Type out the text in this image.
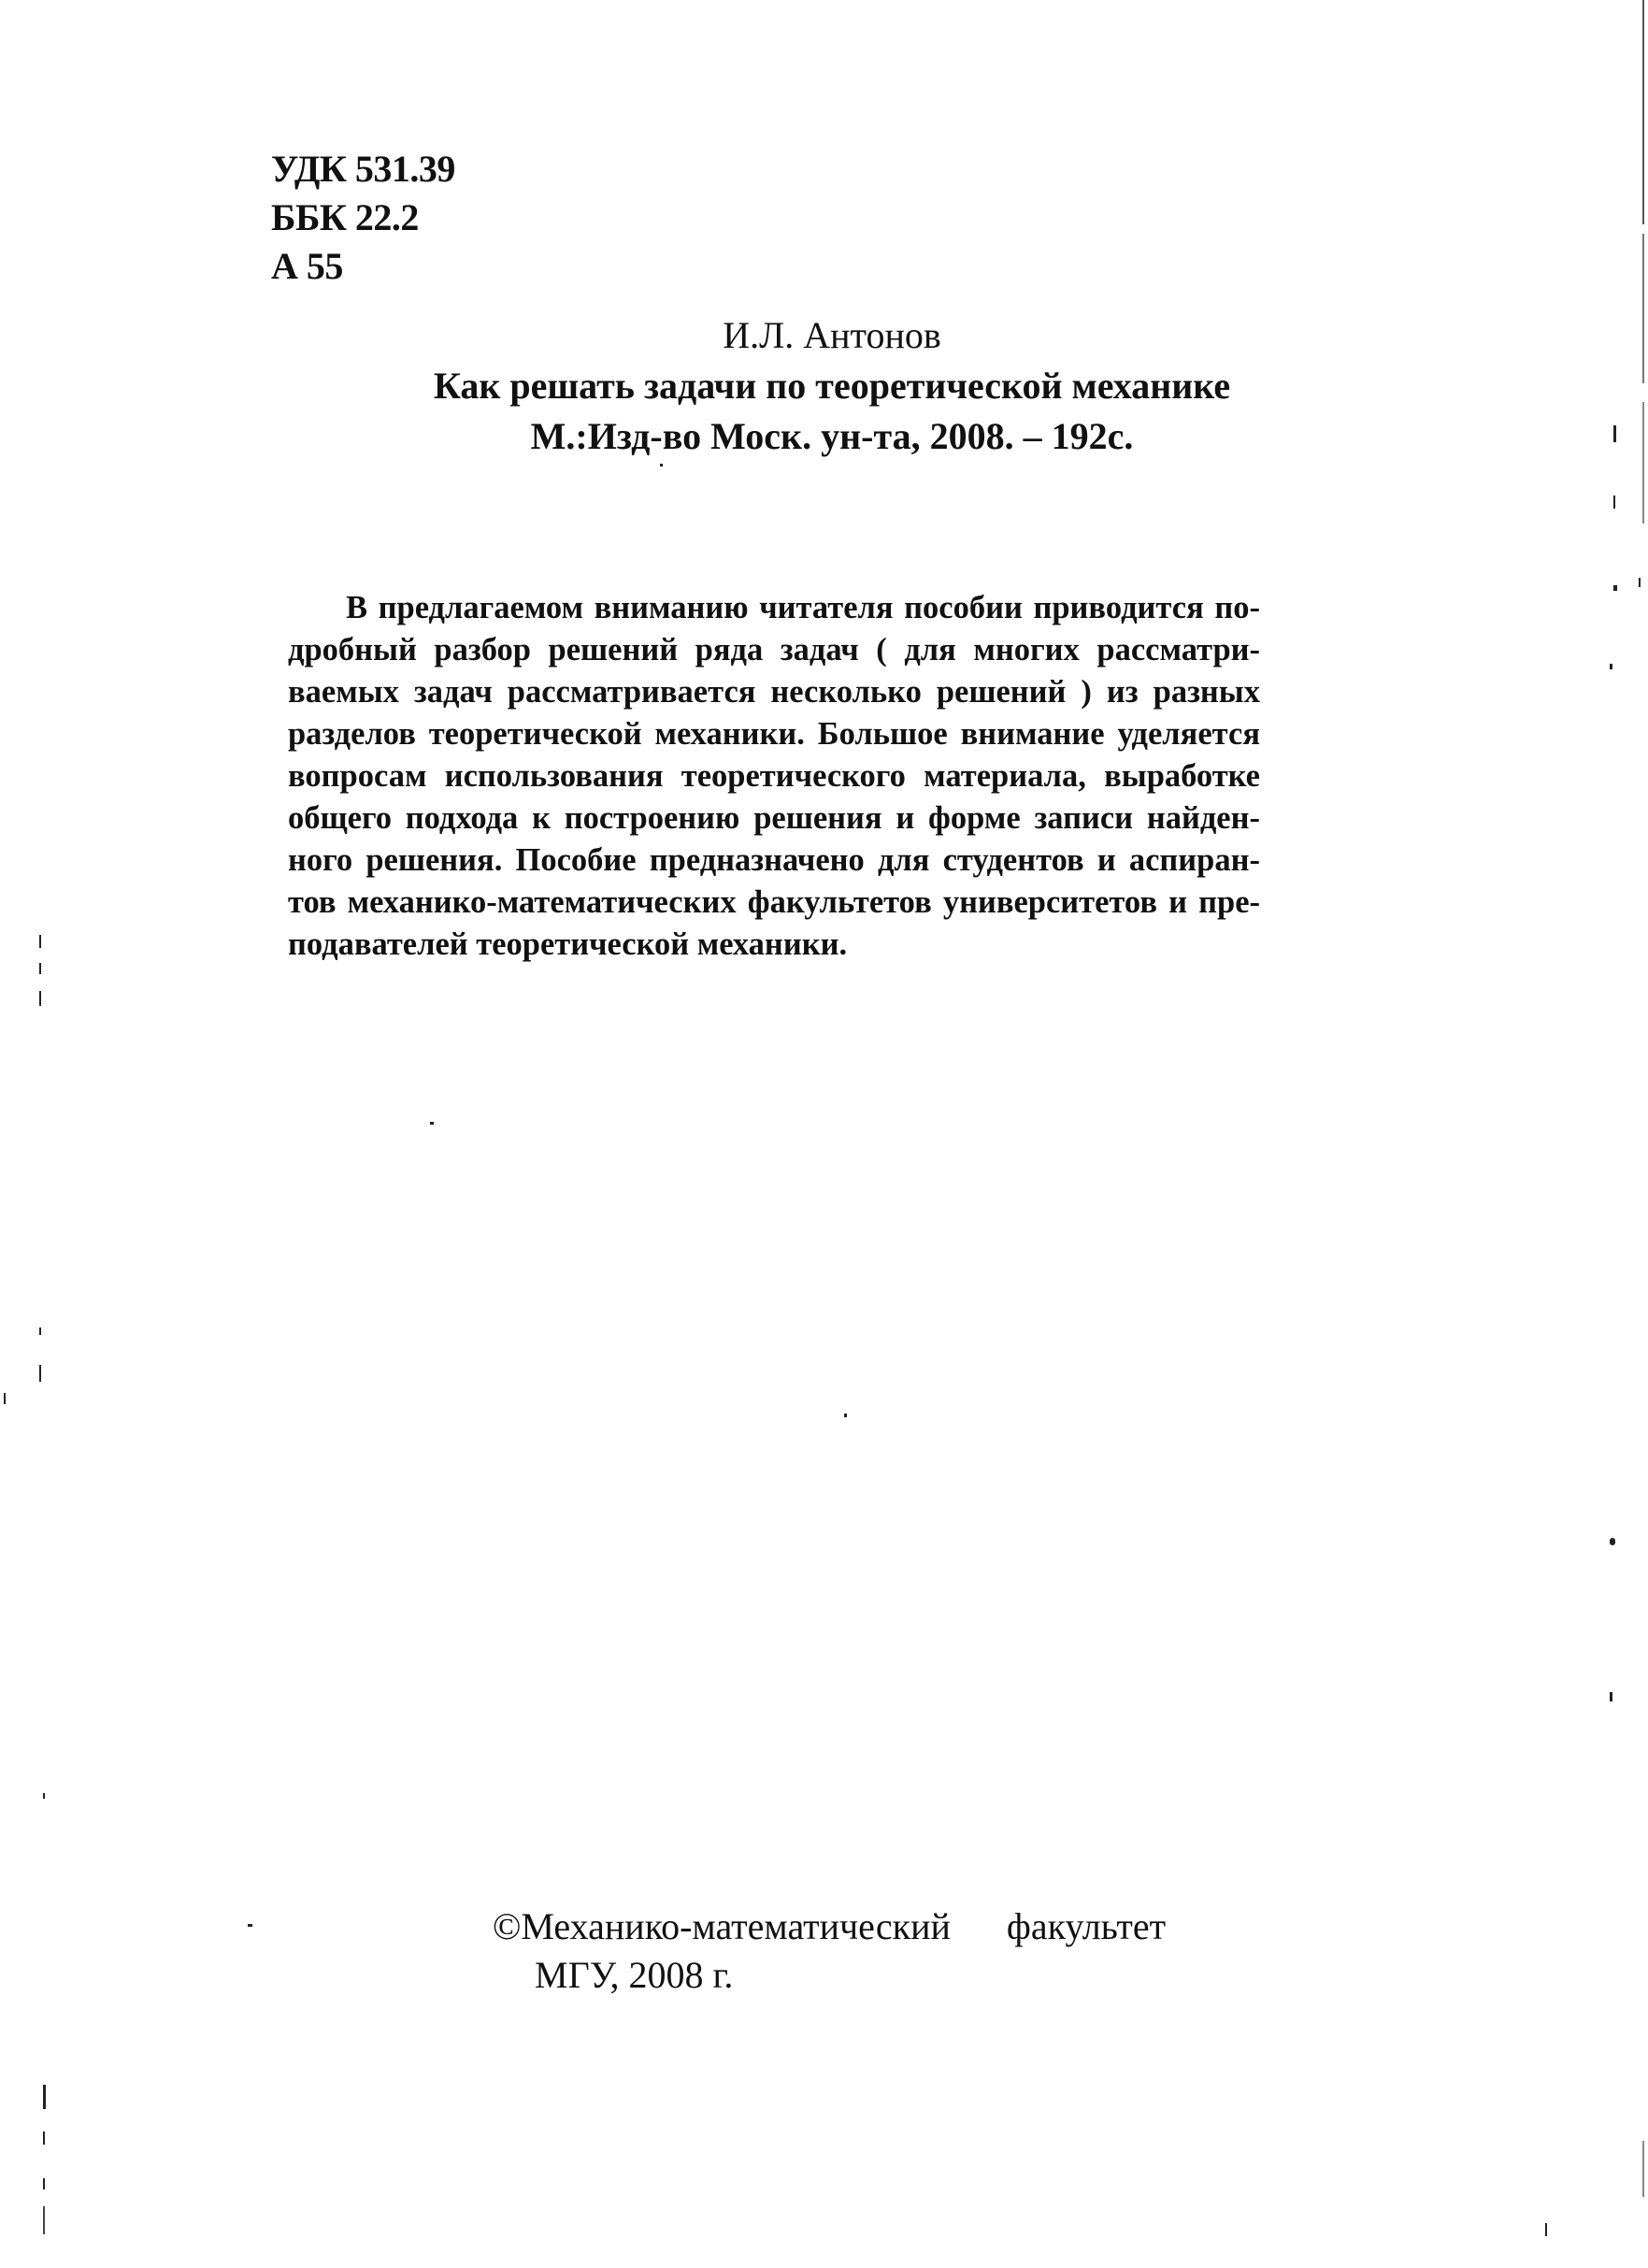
УДК 531.39
ББК 22.2
А 55
И.Л. Антонов
Как решать задачи по теоретической механике
М.:Изд-во Моск. ун-та, 2008. – 192с.
В предлагаемом вниманию читателя пособии приводится по-
дробный разбор решений ряда задач ( для многих рассматри-
ваемых задач рассматривается несколько решений ) из разных
разделов теоретической механики. Большое внимание уделяется
вопросам использования теоретического материала, выработке
общего подхода к построению решения и форме записи найден-
ного решения. Пособие предназначено для студентов и аспиран-
тов механико-математических факультетов университетов и пре-
подавателей теоретической механики.
©Механико-математический факультет
МГУ, 2008 г.
